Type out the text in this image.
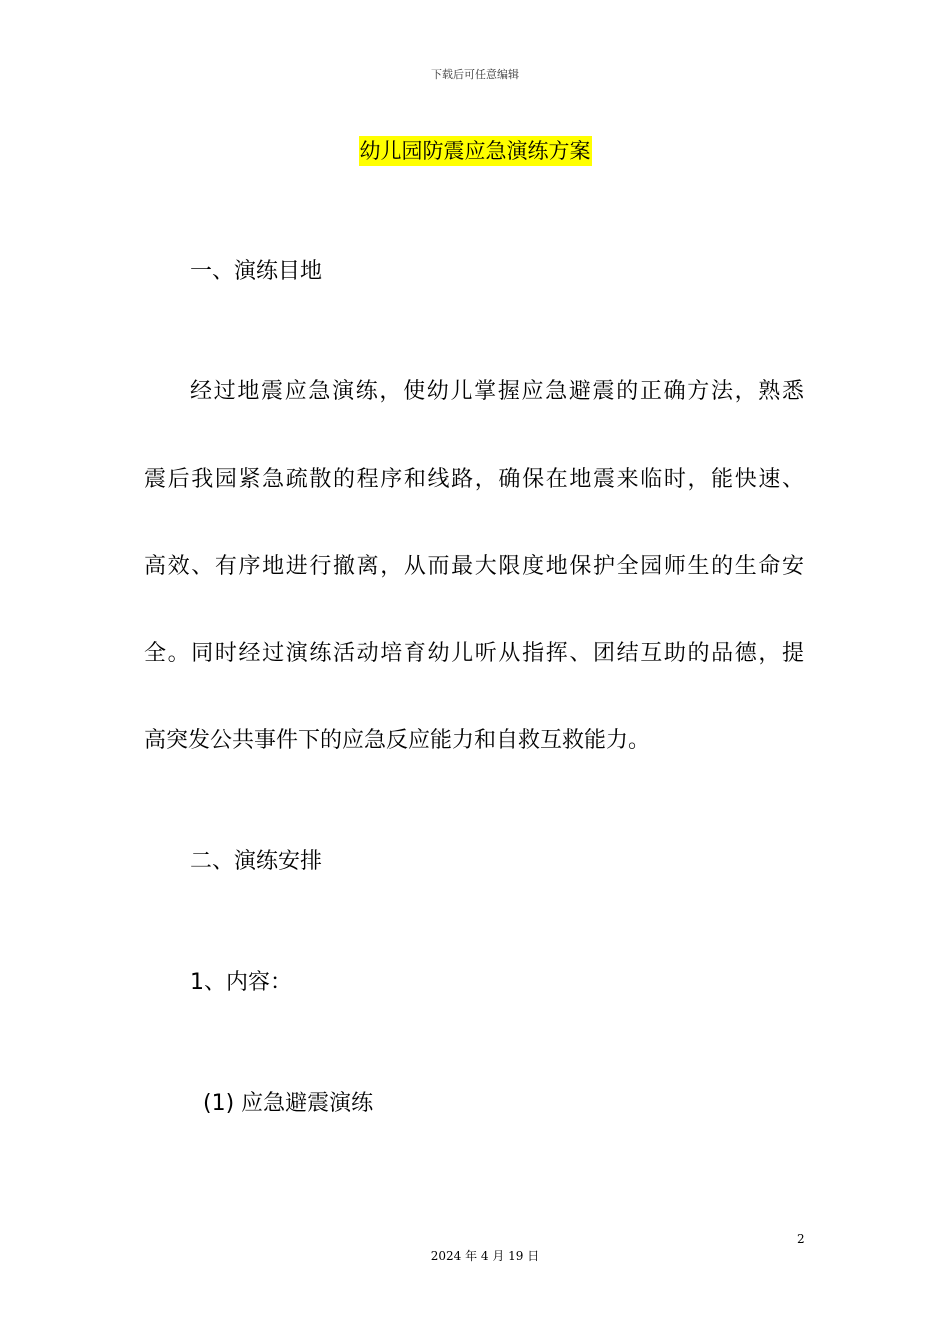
下载后可任意编辑
幼儿园防震应急演练方案
一、演练目地
经过地震应急演练，使幼儿掌握应急避震的正确方法，熟悉
震后我园紧急疏散的程序和线路，确保在地震来临时，能快速、
高效、有序地进行撤离，从而最大限度地保护全园师生的生命安
全。同时经过演练活动培育幼儿听从指挥、团结互助的品德，提
高突发公共事件下的应急反应能力和自救互救能力。
二、演练安排
1、内容：
(1) 应急避震演练
2
2024 年 4 月 19 日
